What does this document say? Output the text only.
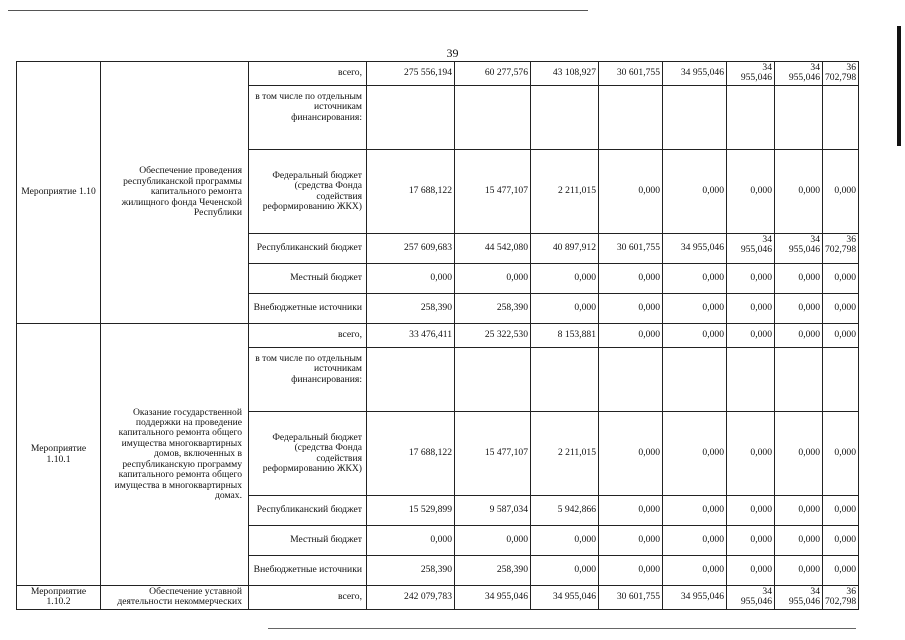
39
Мероприятие 1.10	Обеспечение проведения республиканской программы капитального ремонта жилищного фонда Чеченской Республики	всего,	275 556,194	60 277,576	43 108,927	30 601,755	34 955,046	34 955,046	34 955,046	36 702,798
		в том числе по отдельным источникам финансирования:								
		Федеральный бюджет (средства Фонда содействия реформированию ЖКХ)	17 688,122	15 477,107	2 211,015	0,000	0,000	0,000	0,000	0,000
		Республиканский бюджет	257 609,683	44 542,080	40 897,912	30 601,755	34 955,046	34 955,046	34 955,046	36 702,798
		Местный бюджет	0,000	0,000	0,000	0,000	0,000	0,000	0,000	0,000
		Внебюджетные источники	258,390	258,390	0,000	0,000	0,000	0,000	0,000	0,000
Мероприятие 1.10.1	Оказание государственной поддержки на проведение капитального ремонта общего имущества многоквартирных домов, включенных в республиканскую программу капитального ремонта общего имущества в многоквартирных домах.	всего,	33 476,411	25 322,530	8 153,881	0,000	0,000	0,000	0,000	0,000
		в том числе по отдельным источникам финансирования:								
		Федеральный бюджет (средства Фонда содействия реформированию ЖКХ)	17 688,122	15 477,107	2 211,015	0,000	0,000	0,000	0,000	0,000
		Республиканский бюджет	15 529,899	9 587,034	5 942,866	0,000	0,000	0,000	0,000	0,000
		Местный бюджет	0,000	0,000	0,000	0,000	0,000	0,000	0,000	0,000
		Внебюджетные источники	258,390	258,390	0,000	0,000	0,000	0,000	0,000	0,000
Мероприятие 1.10.2	Обеспечение уставной деятельности некоммерческих	всего,	242 079,783	34 955,046	34 955,046	30 601,755	34 955,046	34 955,046	34 955,046	36 702,798
